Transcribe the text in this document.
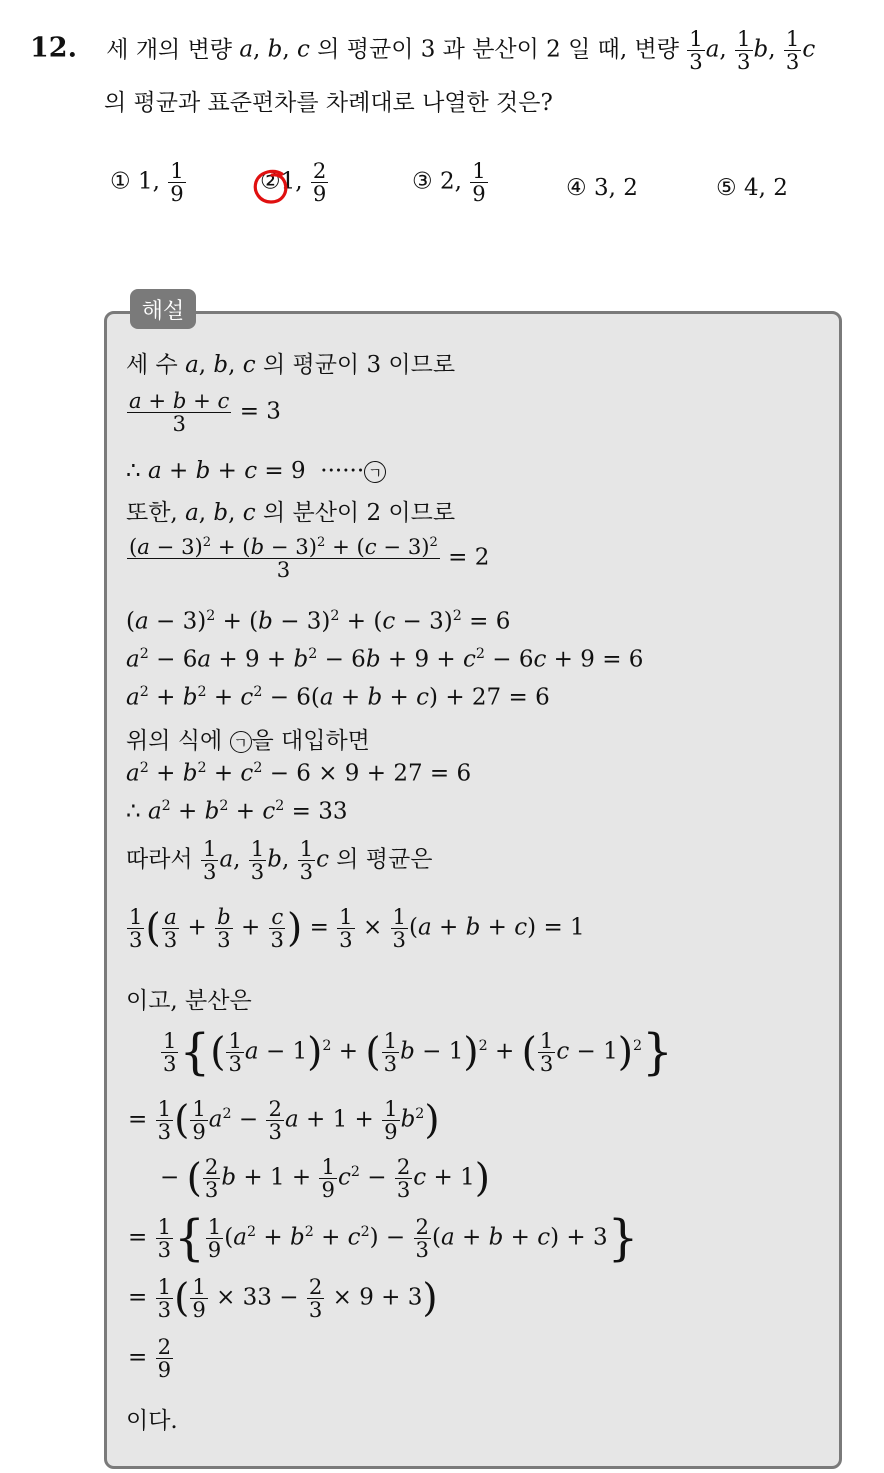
12. 세 개의 변량 a, b, c 의 평균이 3 과 분산이 2 일 때, 변량 $\frac{1}{3} a$, $\frac{1}{3} b$, $\frac{1}{3}$ c
의 평균과 표준편차를 차례대로 나열한 것은?
① 1, $\frac{1}{9}$	②1, $\frac{2}{9}$	③ 2, $\frac{1}{9}$	④ 3, 2	⑤ 4, 2
해설
세 수 a, b, c 의 평균이 3 이므로
$\frac{a + b + c}{3} = 3$
∴ a + b + c = 9  ······ ㄱ
또한, a, b, c 의 분산이 2 이므로
$\frac{(a - 3)^2 + (b - 3)^2 + (c - 3)^2}{3} = 2$
$(a - 3)^2 + (b - 3)^2 + (c - 3)^2 = 6$
$a^2 - 6a + 9 + b^2 - 6b + 9 + c^2 - 6c + 9 = 6$
$a^2 + b^2 + c^2 - 6(a + b + c) + 27 = 6$
위의 식에 ㄱ 을 대입하면
$a^2 + b^2 + c^2 - 6 \times 9 + 27 = 6$
∴ $a^2 + b^2 + c^2 = 33$
따라서 $\frac{1}{3} a$, $\frac{1}{3} b$, $\frac{1}{3}$ c 의 평균은
$\frac{1}{3}$ ( $\frac{a}{3} + \frac{b}{3} + \frac{c}{3}$ ) = $\frac{1}{3} \times \frac{1}{3} (a + b + c) = 1$
이고, 분산은
$\frac{1}{3}$ {( $\frac{1}{3}$ a − 1)$^2$ + ( $\frac{1}{3}$ b − 1)$^2$ + ( $\frac{1}{3}$ c − 1)$^2$}
= $\frac{1}{3}$ ( $\frac{1}{9} a^2 - \frac{2}{3}$ $a + 1 + \frac{1}{9} b^2$)
− ( $\frac{2}{3}$ $b + 1 + \frac{1}{9} c^2 - \frac{2}{3}$ c + 1)
= $\frac{1}{3}$ { $\frac{1}{9} (a^2 + b^2 + c^2) - \frac{2}{3} (a + b + c) + 3$}
= $\frac{1}{3}$ ( $\frac{1}{9} \times 33 - \frac{2}{3} \times 9 + 3$)
= $\frac{2}{9}$
이다.
